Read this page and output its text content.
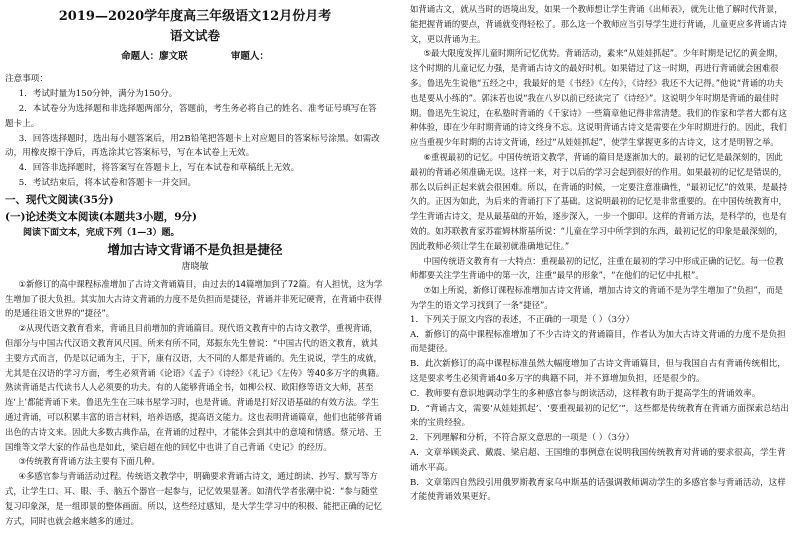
2019—2020学年度高三年级语文12月份月考
语文试卷
命题人：廖文联	审题人：

注意事项：

1．考试时量为150分钟，满分为150分。

2．本试卷分为选择题和非选择题两部分，答题前，考生务必将自己的姓名、准考证号填写在答题卡上。

3．回答选择题时，选出每小题答案后，用2B铅笔把答题卡上对应题目的答案标号涂黑。如需改动，用橡皮擦干净后，再选涂其它答案标号，写在本试卷上无效。

4．回答非选择题时，将答案写在答题卡上，写在本试卷和草稿纸上无效。

5．考试结束后，将本试卷和答题卡一并交回。

一、现代文阅读(35分)
(一)论述类文本阅读(本题共3小题，9分)
阅读下面文本，完成下列（1—3）题。
增加古诗文背诵不是负担是捷径
唐晓敏

①新修订的高中课程标准增加了古诗文背诵篇目，由过去的14篇增加到了72篇。有人担忧，这为学生增加了很大负担。其实加大古诗文背诵的力度不是负担而是捷径，背诵并非死记硬背，在背诵中获得的是通往语文世界的“捷径”。

②从现代语文教育看来，背诵且目前增加的背诵篇目。现代语文教育中的古诗文教学，重视背诵，但部分与中国古代汉语文教育风尺国。所来有所不同，郑振东先生曾说：“中国古代的语文教育，就其主要方式而言，仍是以记诵为主，于下，康有汉语，大不同的人都是背诵的。先生说说，学生的成就，尤其是在汉语的学习方面，考生必须背诵《论语》《孟子》《诗经》《礼记》《左传》等40多万字的典籍。熟读背诵是古代读书人人必须要的功夫。有的人能够背诵全书，如柳公权、欧阳修等语文大师，甚至连‘上’都能背诵下来。鲁迅先生在三味书屋学习时，也是背诵。背诵是打好汉语基础的有效方法。学生通过背诵，可以积累丰富的语言材料，培养语感，提高语文能力。这也表明背诵篇章，他们也能够背诵出色的古诗文来。因此大多数古典作品，在背诵的过程中，才能体会到其中的意境和情感。蔡元培、王国维等文学大家的作品也是如此，梁启超在他的回忆中也讲了自己背诵《史记》的经历。

③传统教育背诵方法主要有下面几种。

④多感官参与背诵活动过程。传统语文教学中，明确要求背诵古诗文，通过朗读、抄写、默写等方式，让学生口、耳、眼、手、脑五个器官一起参与，记忆效果显著。如清代学者张潮中说：“参与随堂复习印象深，是一组即景的整体画面。所以，这些经过感知，是大学生学习中的积极、能把正确的记忆方式，同时也就会越来越多的通过。

如背诵古文，就从当时的语境出发，如果一个教师想让学生背诵《出师表》，就先让他了解时代背景，能把握背诵的要点，背诵就变得轻松了。那么这一个教师应当引导学生进行背诵，儿童更应多背诵古诗文，更以背诵为主。

⑤最大限度发挥儿童时期所记忆优势。背诵活动，素来“从娃娃抓起”。少年时期是记忆的黄金期，这个时期的儿童记忆力强，是背诵古诗文的最好时机。如果错过了这一时期，再进行背诵就会困难很多。鲁迅先生说他“五经之中，我最好的是《书经》《左传》，《诗经》我还不大记得。”他说“背诵的功夫也是要从小练的”。郭沫若也说“我在八岁以前已经读完了《诗经》”。这说明少年时期是背诵的最佳时期。鲁迅先生说过，在私塾时背诵的《千家诗》一些篇章他记得非常清楚。我们的作家和学者大都有这种体验，即在少年时期背诵的诗文终身不忘。这说明背诵古诗文是需要在少年时期进行的。因此，我们应当重视少年时期的古诗文背诵，经过“从娃娃抓起”，使学生掌握更多的古诗文，这才是明智之举。

⑥重视最初的记忆。中国传统语文教学，背诵的篇目是逐渐加大的。最初的记忆是最深刻的，因此最初的背诵必须准确无误。这样一来，对于以后的学习会起到很好的作用。如果最初的记忆是错误的，那么以后纠正起来就会很困难。所以，在背诵的时候，一定要注意准确性，“最初记忆”的效果，是最持久的。正因为如此，为后来的背诵打下了基础。这说明最初的记忆是非常重要的。在中国传统教育中，学生背诵古诗文，是从最基础的开始，逐步深入，一步一个脚印。这样的背诵方法，是科学的，也是有效的。如苏联教育家苏霍姆林斯基所说：“儿童在学习中所学到的东西，最初记忆的印象是最深刻的，因此教师必须让学生在最初就准确地记住。”

中国传统语文教育有一大特点：重视最初的记忆，注重在最初的学习中形成正确的记忆。每一位教师都要关注学生背诵中的第一次，注重“最早的形象”，“在他们的记忆中扎根”。

⑦如上所说，新修订课程标准增加古诗文背诵，增加古诗文的背诵不是为学生增加了“负担”，而是为学生的语文学习找到了一条“捷径”。

1．下列关于原文内容的表述，不正确的一项是（ ）（3分）

A．新修订的高中课程标准增加了不少古诗文的背诵篇目，作者认为加大古诗文背诵的力度不是负担而是捷径。

B．此次新修订的高中课程标准虽然大幅度增加了古诗文背诵篇目，但与我国自古有背诵传统相比，这是要求考生必须背诵40多万字的典籍不同，并不算增加负担，还是很少的。

C．教师要有意识地调动学生的多种感官参与朗读活动，这样教有助于提高学生的背诵效率。

D．“背诵古文，需要‘从娃娃抓起’、‘要重视最初的记忆’”，这些都是传统教育在背诵方面探索总结出来的宝贵经验。

2．下列理解和分析，不符合原文意思的一项是（ ）（3分）

A．文章举顾炎武、戴震、梁启超、王国维的事例意在说明我国传统教育对背诵的要求很高，学生背诵水平高。

B．文章第四自然段引用俄罗斯教育家乌申斯基的话强调教师调动学生的多感官参与背诵活动，这样才能使背诵效果更好。
